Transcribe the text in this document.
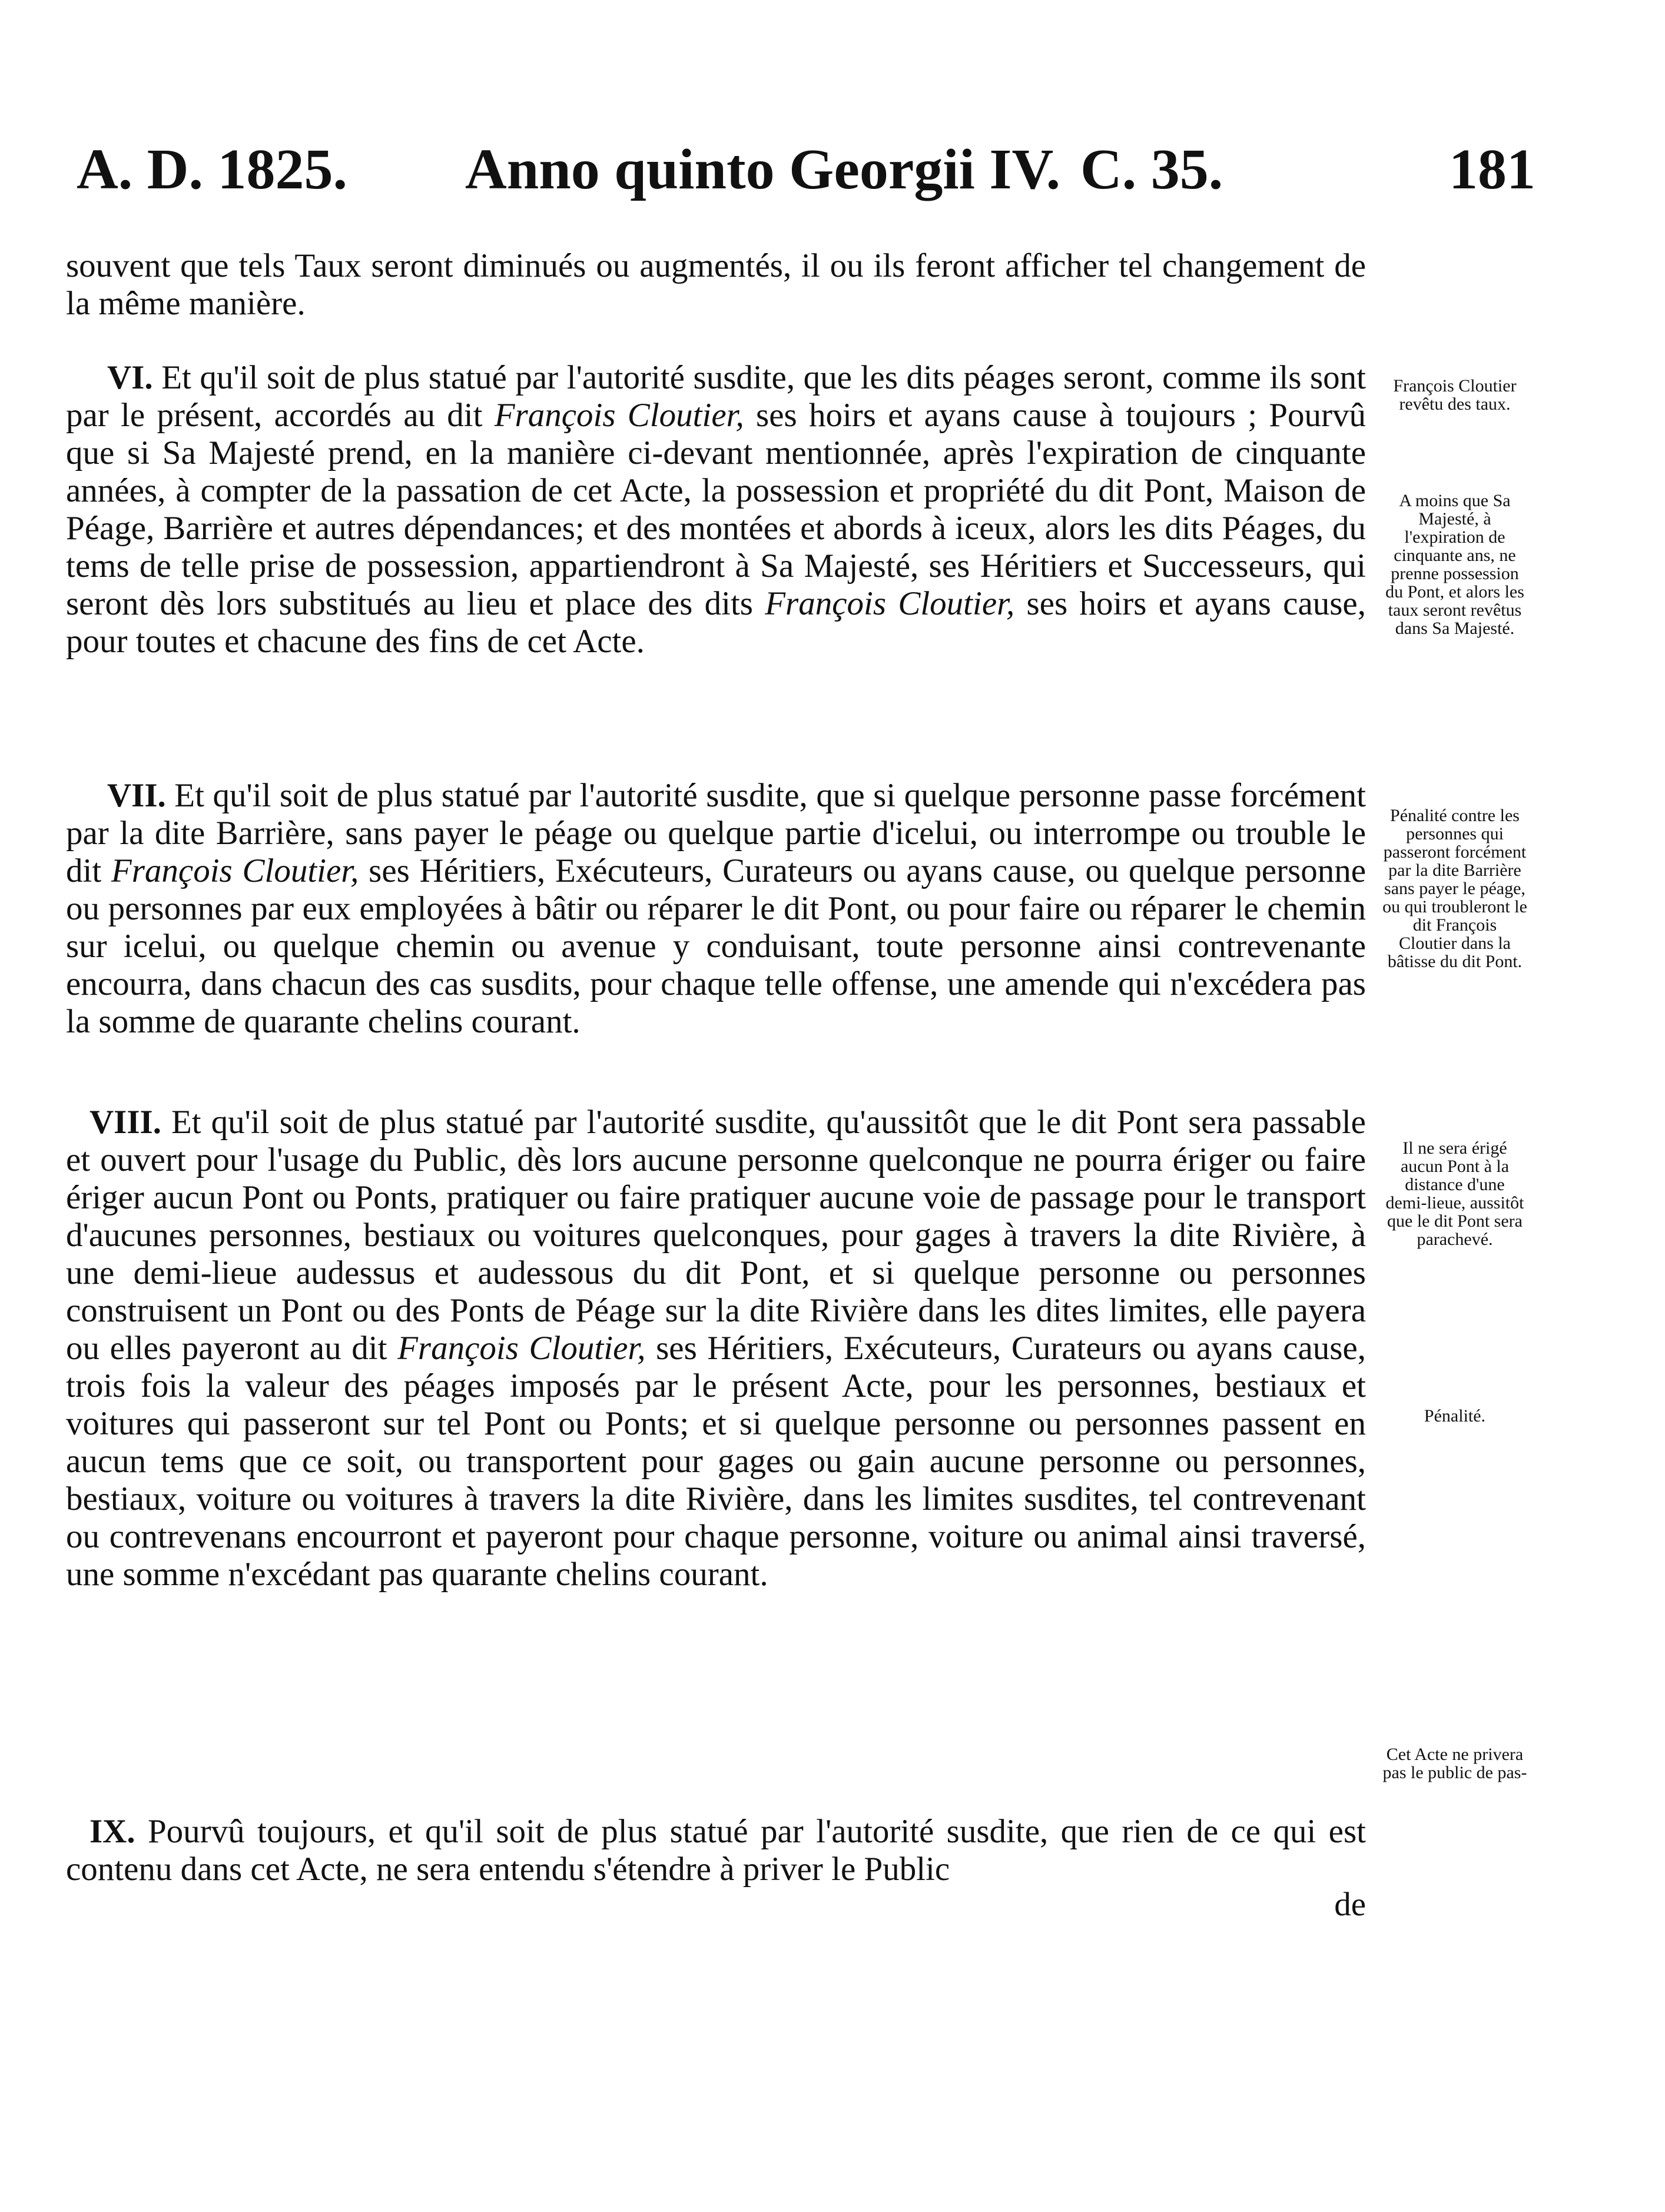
A. D. 1825. Anno quinto Georgii IV. C. 35.	181

souvent que tels Taux seront diminués ou augmentés, il ou ils feront afficher tel changement de la même manière.

VI. Et qu'il soit de plus statué par l'autorité susdite, que les dits péages seront, comme ils sont par le présent, accordés au dit François Cloutier, ses hoirs et ayans cause à toujours ; Pourvû que si Sa Majesté prend, en la manière ci-devant mentionnée, après l'expiration de cinquante années, à compter de la passation de cet Acte, la possession et propriété du dit Pont, Maison de Péage, Barrière et autres dépendances; et des montées et abords à iceux, alors les dits Péages, du tems de telle prise de possession, appartiendront à Sa Majesté, ses Héritiers et Successeurs, qui seront dès lors substitués au lieu et place des dits François Cloutier, ses hoirs et ayans cause, pour toutes et chacune des fins de cet Acte.

VII. Et qu'il soit de plus statué par l'autorité susdite, que si quelque personne passe forcément par la dite Barrière, sans payer le péage ou quelque partie d'icelui, ou interrompe ou trouble le dit François Cloutier, ses Héritiers, Exécuteurs, Curateurs ou ayans cause, ou quelque personne ou personnes par eux employées à bâtir ou réparer le dit Pont, ou pour faire ou réparer le chemin sur icelui, ou quelque chemin ou avenue y conduisant, toute personne ainsi contrevenante encourra, dans chacun des cas susdits, pour chaque telle offense, une amende qui n'excédera pas la somme de quarante chelins courant.

VIII. Et qu'il soit de plus statué par l'autorité susdite, qu'aussitôt que le dit Pont sera passable et ouvert pour l'usage du Public, dès lors aucune personne quelconque ne pourra ériger ou faire ériger aucun Pont ou Ponts, pratiquer ou faire pratiquer aucune voie de passage pour le transport d'aucunes personnes, bestiaux ou voitures quelconques, pour gages à travers la dite Rivière, à une demi-lieue audessus et audessous du dit Pont, et si quelque personne ou personnes construisent un Pont ou des Ponts de Péage sur la dite Rivière dans les dites limites, elle payera ou elles payeront au dit François Cloutier, ses Héritiers, Exécuteurs, Curateurs ou ayans cause, trois fois la valeur des péages imposés par le présent Acte, pour les personnes, bestiaux et voitures qui passeront sur tel Pont ou Ponts; et si quelque personne ou personnes passent en aucun tems que ce soit, ou transportent pour gages ou gain aucune personne ou personnes, bestiaux, voiture ou voitures à travers la dite Rivière, dans les limites susdites, tel contrevenant ou contrevenans encourront et payeront pour chaque personne, voiture ou animal ainsi traversé, une somme n'excédant pas quarante chelins courant.

IX. Pourvû toujours, et qu'il soit de plus statué par l'autorité susdite, que rien de ce qui est contenu dans cet Acte, ne sera entendu s'étendre à priver le Public

de
François Cloutier revêtu des taux.
A moins que Sa Majesté, à l'expiration de cinquante ans, ne prenne possession du Pont, et alors les taux seront revêtus dans Sa Majesté.
Pénalité contre les personnes qui passeront forcément par la dite Barrière sans payer le péage, ou qui troubleront le dit François Cloutier dans la bâtisse du dit Pont.
Il ne sera érigé aucun Pont à la distance d'une demi-lieue, aussitôt que le dit Pont sera parachevé.
Pénalité.
Cet Acte ne privera pas le public de pas-
